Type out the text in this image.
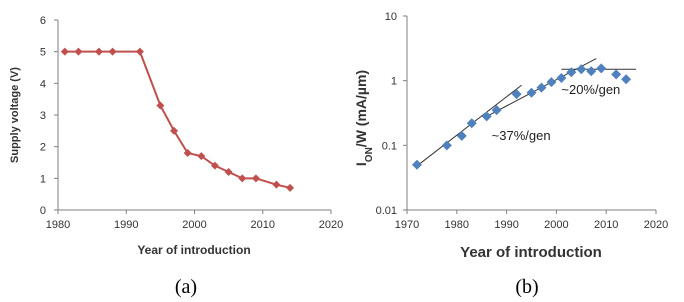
1980	1990	2000	2010	2020
0
1
2
3
4
5
6
Year of introduction
Supply voltage (V)
(a)
1970 1980 1990 2000 2010 2020
0.01
0.1
1
10
~37%/gen
~20%/gen
Year of introduction
$I_{ON}/W$ (mA/µm)
(b)
